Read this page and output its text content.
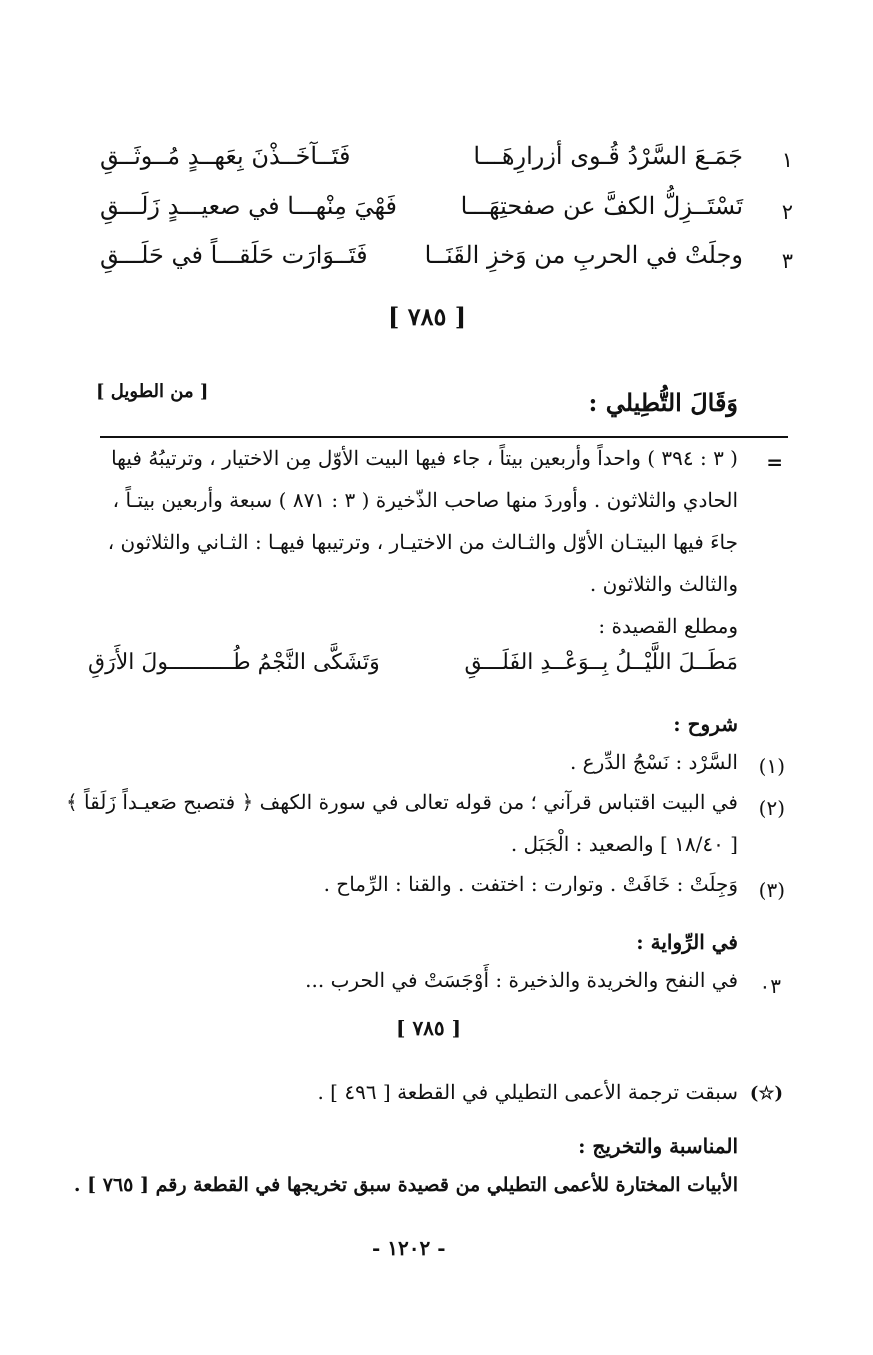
١
جَمَـعَ السَّرْدُ قُـوى أزرارِهَـــا
فَتَــآخَــذْنَ بِعَهــدٍ مُــوثَــقِ
٢
تَسْتَــزِلُّ الكفَّ عن صفحتِهَـــا
فَهْيَ مِنْهـــا في صعيـــدٍ زَلَـــقِ
٣
وجلَتْ في الحربِ من وَخزِ القَنَــا
فَتَــوَارَت حَلَقـــاً في حَلَـــقِ
[ ٧٨٥ ]
وَقَالَ التُّطِيلي :
[ من الطويل ]
=
( ٣ : ٣٩٤ ) واحداً وأربعين بيتاً ، جاء فيها البيت الأوّل مِن الاختيار ، وترتيبُهُ فيها
الحادي والثلاثون . وأوردَ منها صاحب الذّخيرة ( ٣ : ٨٧١ ) سبعة وأربعين بيتـاً ،
جاءَ فيها البيتـان الأوّل والثـالث من الاختيـار ، وترتيبها فيهـا : الثـاني والثلاثون ،
والثالث والثلاثون .
ومطلع القصيدة :
مَطَــلَ اللَّيْــلُ بِــوَعْــدِ الفَلَـــقِ
وَتَشَكَّى النَّجْمُ طُــــــــــولَ الأَرَقِ
شروح :
(١)
السَّرْد : نَسْجُ الدِّرع .
(٢)
في البيت اقتباس قرآني ؛ من قوله تعالى في سورة الكهف ﴿ فتصبح صَعيـداً زَلَقاً ﴾
[ ١٨/٤٠ ] والصعيد : الْجَبَل .
(٣)
وَجِلَتْ : خَافَتْ . وتوارت : اختفت . والقنا : الرِّماح .
في الرِّواية :
٠٣
في النفح والخريدة والذخيرة : أَوْجَسَتْ في الحرب ...
[ ٧٨٥ ]
(☆)
سبقت ترجمة الأعمى التطيلي في القطعة [ ٤٩٦ ] .
المناسبة والتخريج :
الأبيات المختارة للأعمى التطيلي من قصيدة سبق تخريجها في القطعة رقم [ ٧٦٥ ] .
- ١٢٠٢ -
